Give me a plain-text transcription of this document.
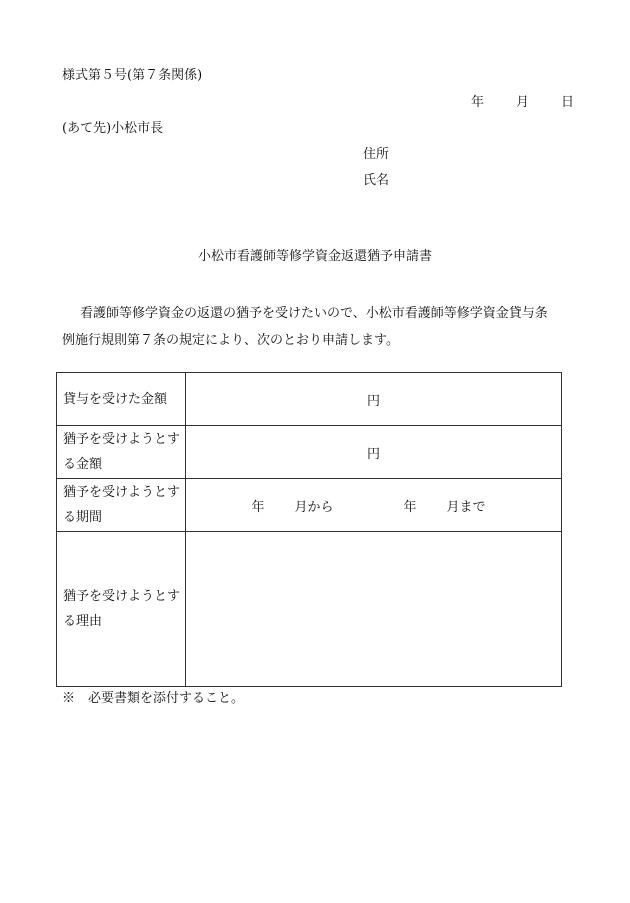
様式第５号(第７条関係)
年 月 日
(あて先)小松市長
住所
氏名
小松市看護師等修学資金返還猶予申請書
看護師等修学資金の返還の猶予を受けたいので、小松市看護師等修学資金貸与条
例施行規則第７条の規定により、次のとおり申請します。
貸与を受けた金額	円
猶予を受けようとする金額	円
猶予を受けようとする期間	年 月から 年 月まで
猶予を受けようとする理由	
※　必要書類を添付すること。
